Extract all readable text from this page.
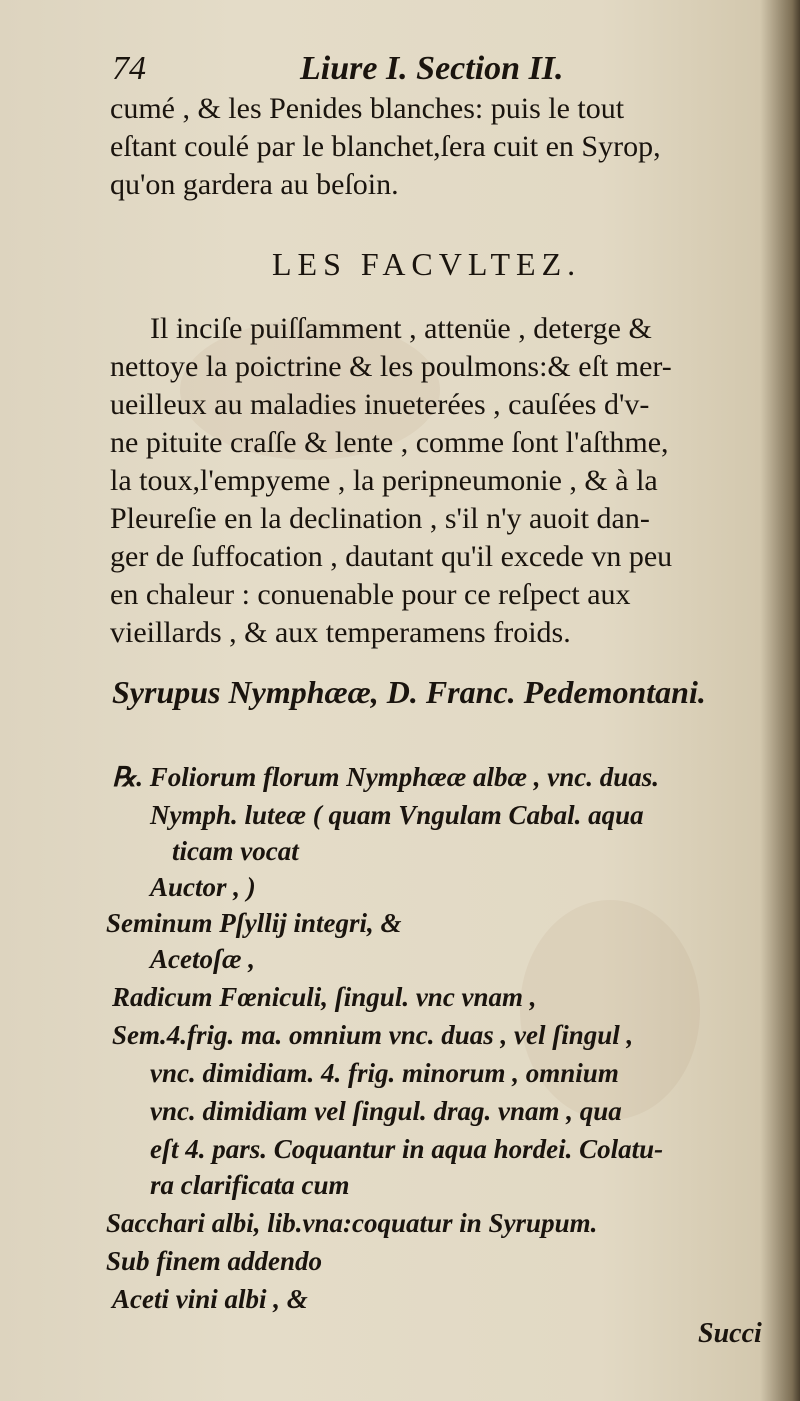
74	Liure I. Section II.
cumé , & les Penides blanches: puis le tout
eſtant coulé par le blanchet,ſera cuit en Syrop,
qu'on gardera au beſoin.
LES FACVLTEZ.
Il inciſe puiſſamment , attenüe , deterge &
nettoye la poictrine & les poulmons:& eſt mer-
ueilleux au maladies inueterées , cauſées d'v-
ne pituite craſſe & lente , comme ſont l'aſthme,
la toux,l'empyeme , la peripneumonie , & à la
Pleureſie en la declination , s'il n'y auoit dan-
ger de ſuffocation , dautant qu'il excede vn peu
en chaleur : conuenable pour ce reſpect aux
vieillards , & aux temperamens froids.
Syrupus Nymphææ, D. Franc. Pedemontani.
℞. Foliorum florum Nymphææ albæ , vnc. duas.
Nymph. luteæ ( quam Vngulam Cabal. aqua
ticam vocat
Auctor , )
Seminum Pſyllij integri, &
Acetoſæ ,
Radicum Fœniculi, ſingul. vnc vnam ,
Sem.4.frig. ma. omnium vnc. duas , vel ſingul ,
vnc. dimidiam. 4. frig. minorum , omnium
vnc. dimidiam vel ſingul. drag. vnam , qua
eſt 4. pars. Coquantur in aqua hordei. Colatu-
ra clarificata cum
Sacchari albi, lib.vna:coquatur in Syrupum.
Sub finem addendo
Aceti vini albi , &
Succi
